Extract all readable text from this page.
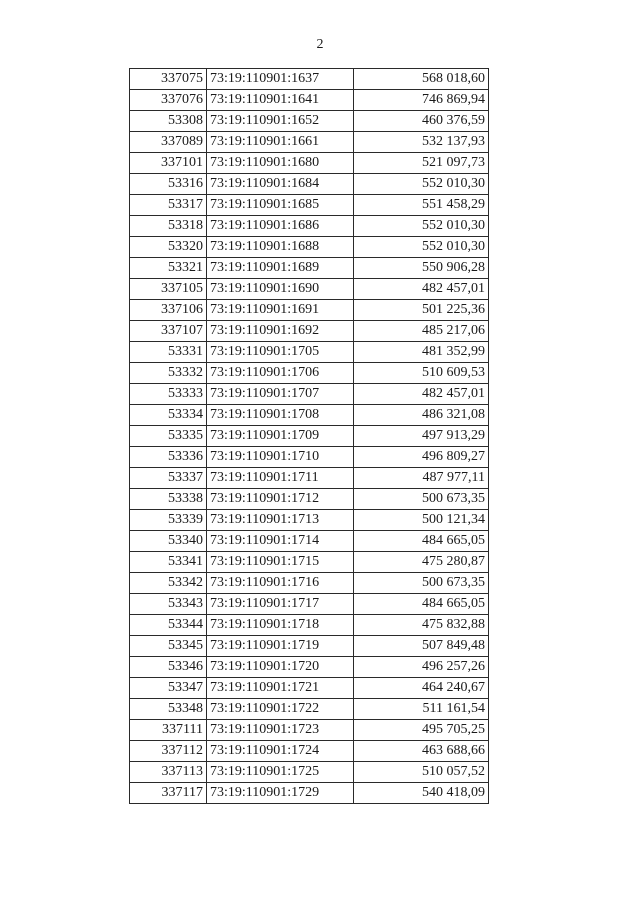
2
337075	73:19:110901:1637	568 018,60
337076	73:19:110901:1641	746 869,94
53308	73:19:110901:1652	460 376,59
337089	73:19:110901:1661	532 137,93
337101	73:19:110901:1680	521 097,73
53316	73:19:110901:1684	552 010,30
53317	73:19:110901:1685	551 458,29
53318	73:19:110901:1686	552 010,30
53320	73:19:110901:1688	552 010,30
53321	73:19:110901:1689	550 906,28
337105	73:19:110901:1690	482 457,01
337106	73:19:110901:1691	501 225,36
337107	73:19:110901:1692	485 217,06
53331	73:19:110901:1705	481 352,99
53332	73:19:110901:1706	510 609,53
53333	73:19:110901:1707	482 457,01
53334	73:19:110901:1708	486 321,08
53335	73:19:110901:1709	497 913,29
53336	73:19:110901:1710	496 809,27
53337	73:19:110901:1711	487 977,11
53338	73:19:110901:1712	500 673,35
53339	73:19:110901:1713	500 121,34
53340	73:19:110901:1714	484 665,05
53341	73:19:110901:1715	475 280,87
53342	73:19:110901:1716	500 673,35
53343	73:19:110901:1717	484 665,05
53344	73:19:110901:1718	475 832,88
53345	73:19:110901:1719	507 849,48
53346	73:19:110901:1720	496 257,26
53347	73:19:110901:1721	464 240,67
53348	73:19:110901:1722	511 161,54
337111	73:19:110901:1723	495 705,25
337112	73:19:110901:1724	463 688,66
337113	73:19:110901:1725	510 057,52
337117	73:19:110901:1729	540 418,09
